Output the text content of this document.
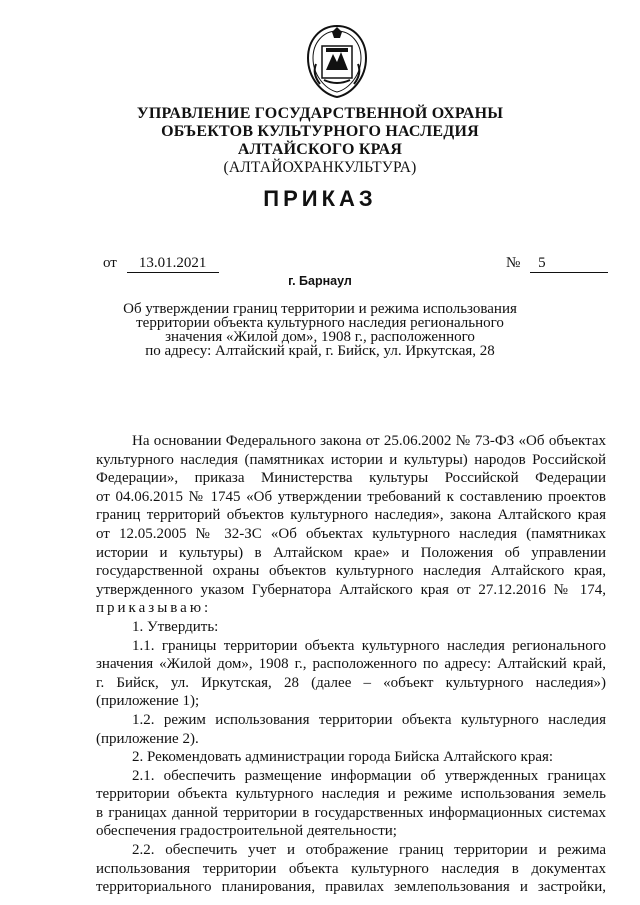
УПРАВЛЕНИЕ ГОСУДАРСТВЕННОЙ ОХРАНЫ
ОБЪЕКТОВ КУЛЬТУРНОГО НАСЛЕДИЯ
АЛТАЙСКОГО КРАЯ
(АЛТАЙОХРАНКУЛЬТУРА)
ПРИКАЗ
от 13.01.2021	№ 5
г. Барнаул
Об утверждении границ территории и режима использования
территории объекта культурного наследия регионального
значения «Жилой дом», 1908 г., расположенного
по адресу: Алтайский край, г. Бийск, ул. Иркутская, 28
На основании Федерального закона от 25.06.2002 № 73-ФЗ «Об объектах
культурного наследия (памятниках истории и культуры) народов Российской
Федерации», приказа Министерства культуры Российской Федерации
от 04.06.2015 № 1745 «Об утверждении требований к составлению проектов
границ территорий объектов культурного наследия», закона Алтайского края
от 12.05.2005 № 32-ЗС «Об объектах культурного наследия (памятниках
истории и культуры) в Алтайском крае» и Положения об управлении
государственной охраны объектов культурного наследия Алтайского края,
утвержденного указом Губернатора Алтайского края от 27.12.2016 № 174,
приказываю:
1. Утвердить:
1.1. границы территории объекта культурного наследия регионального
значения «Жилой дом», 1908 г., расположенного по адресу: Алтайский край,
г. Бийск, ул. Иркутская, 28 (далее – «объект культурного наследия»)
(приложение 1);
1.2. режим использования территории объекта культурного наследия
(приложение 2).
2. Рекомендовать администрации города Бийска Алтайского края:
2.1. обеспечить размещение информации об утвержденных границах
территории объекта культурного наследия и режиме использования земель
в границах данной территории в государственных информационных системах
обеспечения градостроительной деятельности;
2.2. обеспечить учет и отображение границ территории и режима
использования территории объекта культурного наследия в документах
территориального планирования, правилах землепользования и застройки,
